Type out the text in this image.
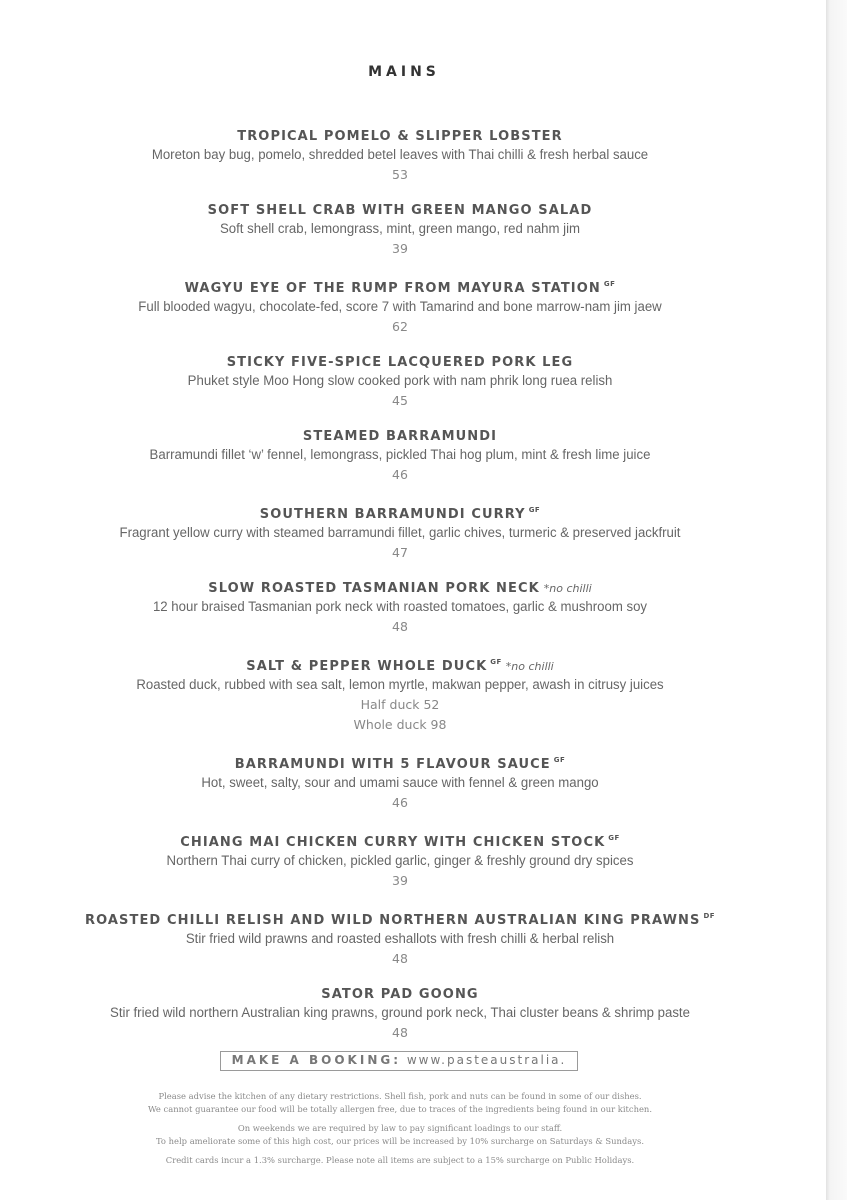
MAINS
TROPICAL POMELO & SLIPPER LOBSTER
Moreton bay bug, pomelo, shredded betel leaves with Thai chilli & fresh herbal sauce
53
SOFT SHELL CRAB WITH GREEN MANGO SALAD
Soft shell crab, lemongrass, mint, green mango, red nahm jim
39
WAGYU EYE OF THE RUMP FROM MAYURA STATION $^{GF}$
Full blooded wagyu, chocolate-fed, score 7 with Tamarind and bone marrow-nam jim jaew
62
STICKY FIVE-SPICE LACQUERED PORK LEG
Phuket style Moo Hong slow cooked pork with nam phrik long ruea relish
45
STEAMED BARRAMUNDI
Barramundi fillet ‘w’ fennel, lemongrass, pickled Thai hog plum, mint & fresh lime juice
46
SOUTHERN BARRAMUNDI CURRY $^{GF}$
Fragrant yellow curry with steamed barramundi fillet, garlic chives, turmeric & preserved jackfruit
47
SLOW ROASTED TASMANIAN PORK NECK *no chilli
12 hour braised Tasmanian pork neck with roasted tomatoes, garlic & mushroom soy
48
SALT & PEPPER WHOLE DUCK $^{GF}$ *no chilli
Roasted duck, rubbed with sea salt, lemon myrtle, makwan pepper, awash in citrusy juices
Half duck 52
Whole duck 98
BARRAMUNDI WITH 5 FLAVOUR SAUCE $^{GF}$
Hot, sweet, salty, sour and umami sauce with fennel & green mango
46
CHIANG MAI CHICKEN CURRY WITH CHICKEN STOCK $^{GF}$
Northern Thai curry of chicken, pickled garlic, ginger & freshly ground dry spices
39
ROASTED CHILLI RELISH AND WILD NORTHERN AUSTRALIAN KING PRAWNS $^{DF}$
Stir fried wild prawns and roasted eshallots with fresh chilli & herbal relish
48
SATOR PAD GOONG
Stir fried wild northern Australian king prawns, ground pork neck, Thai cluster beans & shrimp paste
48
MAKE A BOOKING: www.pasteaustralia.
Please advise the kitchen of any dietary restrictions. Shell fish, pork and nuts can be found in some of our dishes.
We cannot guarantee our food will be totally allergen free, due to traces of the ingredients being found in our kitchen.
On weekends we are required by law to pay significant loadings to our staff.
To help ameliorate some of this high cost, our prices will be increased by 10% surcharge on Saturdays & Sundays.
Credit cards incur a 1.3% surcharge. Please note all items are subject to a 15% surcharge on Public Holidays.
